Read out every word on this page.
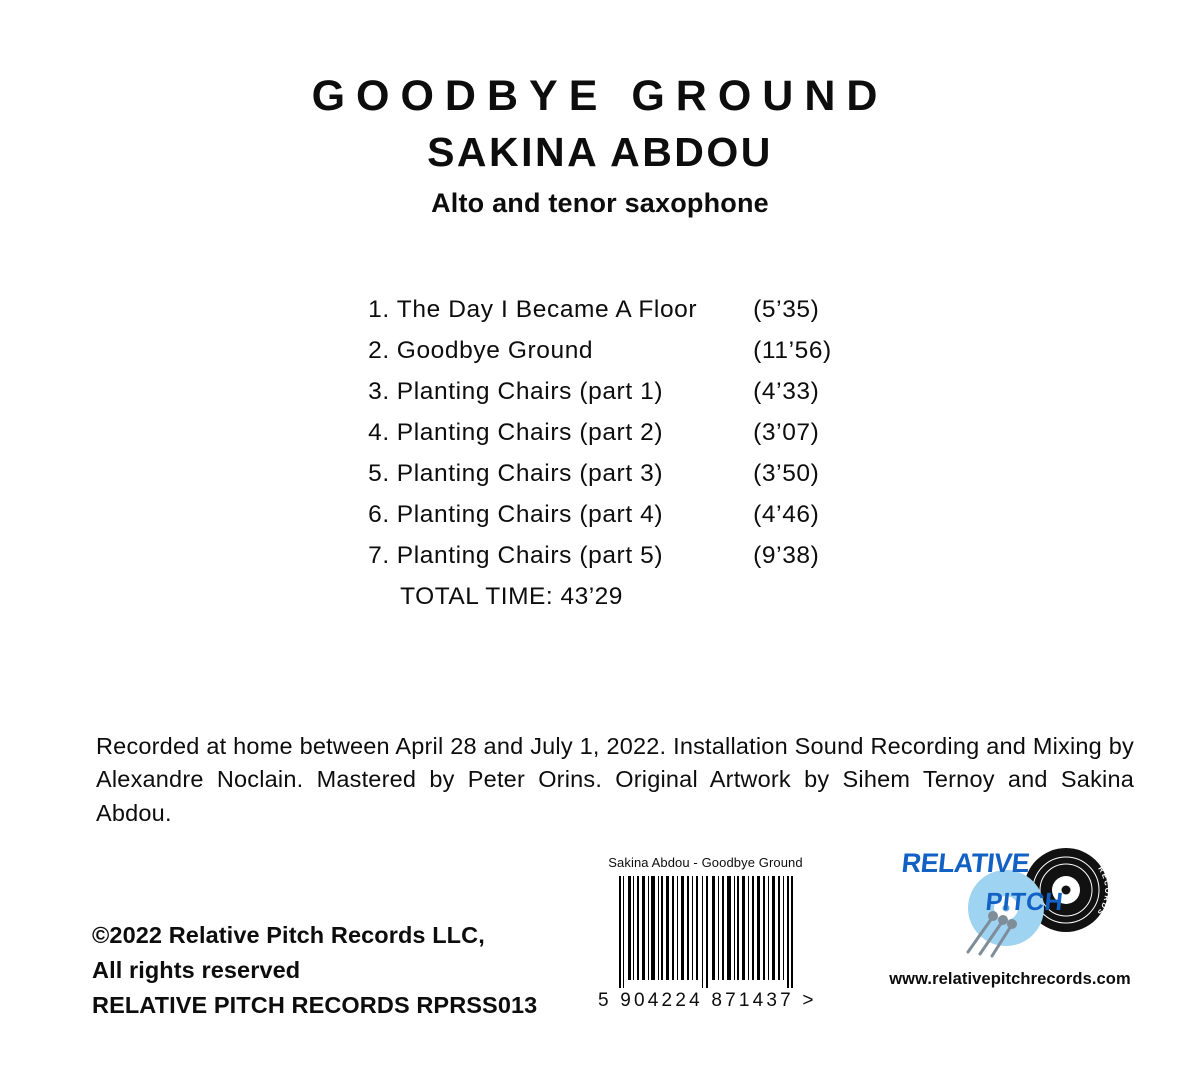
GOODBYE GROUND
SAKINA ABDOU
Alto and tenor saxophone
1.	The Day I Became A Floor	(5’35)
2.	Goodbye Ground	(11’56)
3.	Planting Chairs (part 1)	(4’33)
4.	Planting Chairs (part 2)	(3’07)
5.	Planting Chairs (part 3)	(3’50)
6.	Planting Chairs (part 4)	(4’46)
7.	Planting Chairs (part 5)	(9’38)
TOTAL TIME: 43’29
Recorded at home between April 28 and July 1, 2022. Installation Sound Recording and Mixing by Alexandre Noclain. Mastered by Peter Orins. Original Artwork by Sihem Ternoy and Sakina Abdou.
©2022 Relative Pitch Records LLC,
All rights reserved
RELATIVE PITCH RECORDS RPRSS013
Sakina Abdou - Goodbye Ground
5 904224 871437 >
RECORDS
RELATIVE
PITCH
www.relativepitchrecords.com
